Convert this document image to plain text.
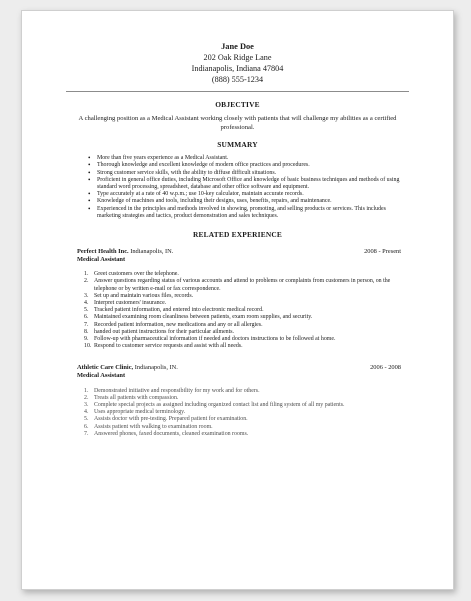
Jane Doe
202 Oak Ridge Lane
Indianapolis, Indiana 47804
(888) 555-1234
OBJECTIVE
A challenging position as a Medical Assistant working closely with patients that will challenge my abilities as a certified professional.
SUMMARY
• More than five years experience as a Medical Assistant.
• Thorough knowledge and excellent knowledge of modern office practices and procedures.
• Strong customer service skills, with the ability to diffuse difficult situations.
• Proficient in general office duties, including Microsoft Office and knowledge of basic business techniques and methods of using standard word processing, spreadsheet, database and other office software and equipment.
• Type accurately at a rate of 40 w.p.m.; use 10-key calculator, maintain accurate records.
• Knowledge of machines and tools, including their designs, uses, benefits, repairs, and maintenance.
• Experienced in the principles and methods involved in showing, promoting, and selling products or services. This includes marketing strategies and tactics, product demonstration and sales techniques.
RELATED EXPERIENCE
Perfect Health Inc. Indianapolis, IN.	2008 - Present
Medical Assistant
1. Greet customers over the telephone.
2. Answer questions regarding status of various accounts and attend to problems or complaints from customers in person, on the telephone or by written e-mail or fax correspondence.
3. Set up and maintain various files, records.
4. Interpret customers' insurance.
5. Tracked patient information, and entered into electronic medical record.
6. Maintained examining room cleanliness between patients, exam room supplies, and security.
7. Recorded patient information, new medications and any or all allergies.
8. handed out patient instructions for their particular ailments.
9. Follow-up with pharmaceutical information if needed and doctors instructions to be followed at home.
10. Respond to customer service requests and assist with all needs.
Athletic Care Clinic, Indianapolis, IN.	2006 - 2008
Medical Assistant
1. Demonstrated initiative and responsibility for my work and for others.
2. Treats all patients with compassion.
3. Complete special projects as assigned including organized contact list and filing system of all my patients.
4. Uses appropriate medical terminology.
5. Assists doctor with pre-testing. Prepared patient for examination.
6. Assists patient with walking to examination room.
7. Answered phones, faxed documents, cleaned examination rooms.
